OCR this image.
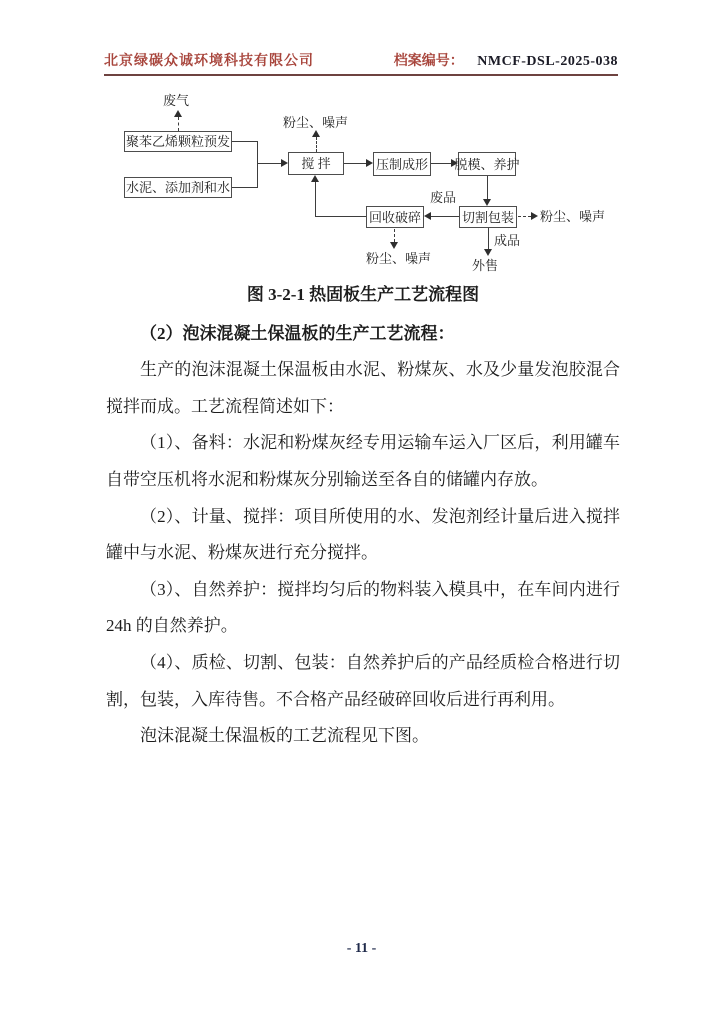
北京绿碳众诚环境科技有限公司	档案编号： NMCF-DSL-2025-038
聚苯乙烯颗粒预发
水泥、添加剂和水
搅 拌	压制成形 脱模、养护
切割包装
回收破碎
废气
粉尘、噪声
废品
粉尘、噪声
成品
外售
粉尘、噪声

图 3-2-1 热固板生产工艺流程图

（2）泡沫混凝土保温板的生产工艺流程：

生产的泡沫混凝土保温板由水泥、粉煤灰、水及少量发泡胶混合搅拌而成。工艺流程简述如下：

（1）、备料：水泥和粉煤灰经专用运输车运入厂区后，利用罐车自带空压机将水泥和粉煤灰分别输送至各自的储罐内存放。

（2）、计量、搅拌：项目所使用的水、发泡剂经计量后进入搅拌罐中与水泥、粉煤灰进行充分搅拌。

（3）、自然养护：搅拌均匀后的物料装入模具中，在车间内进行 24h 的自然养护。

（4）、质检、切割、包装：自然养护后的产品经质检合格进行切割，包装，入库待售。不合格产品经破碎回收后进行再利用。

泡沫混凝土保温板的工艺流程见下图。

- 11 -
